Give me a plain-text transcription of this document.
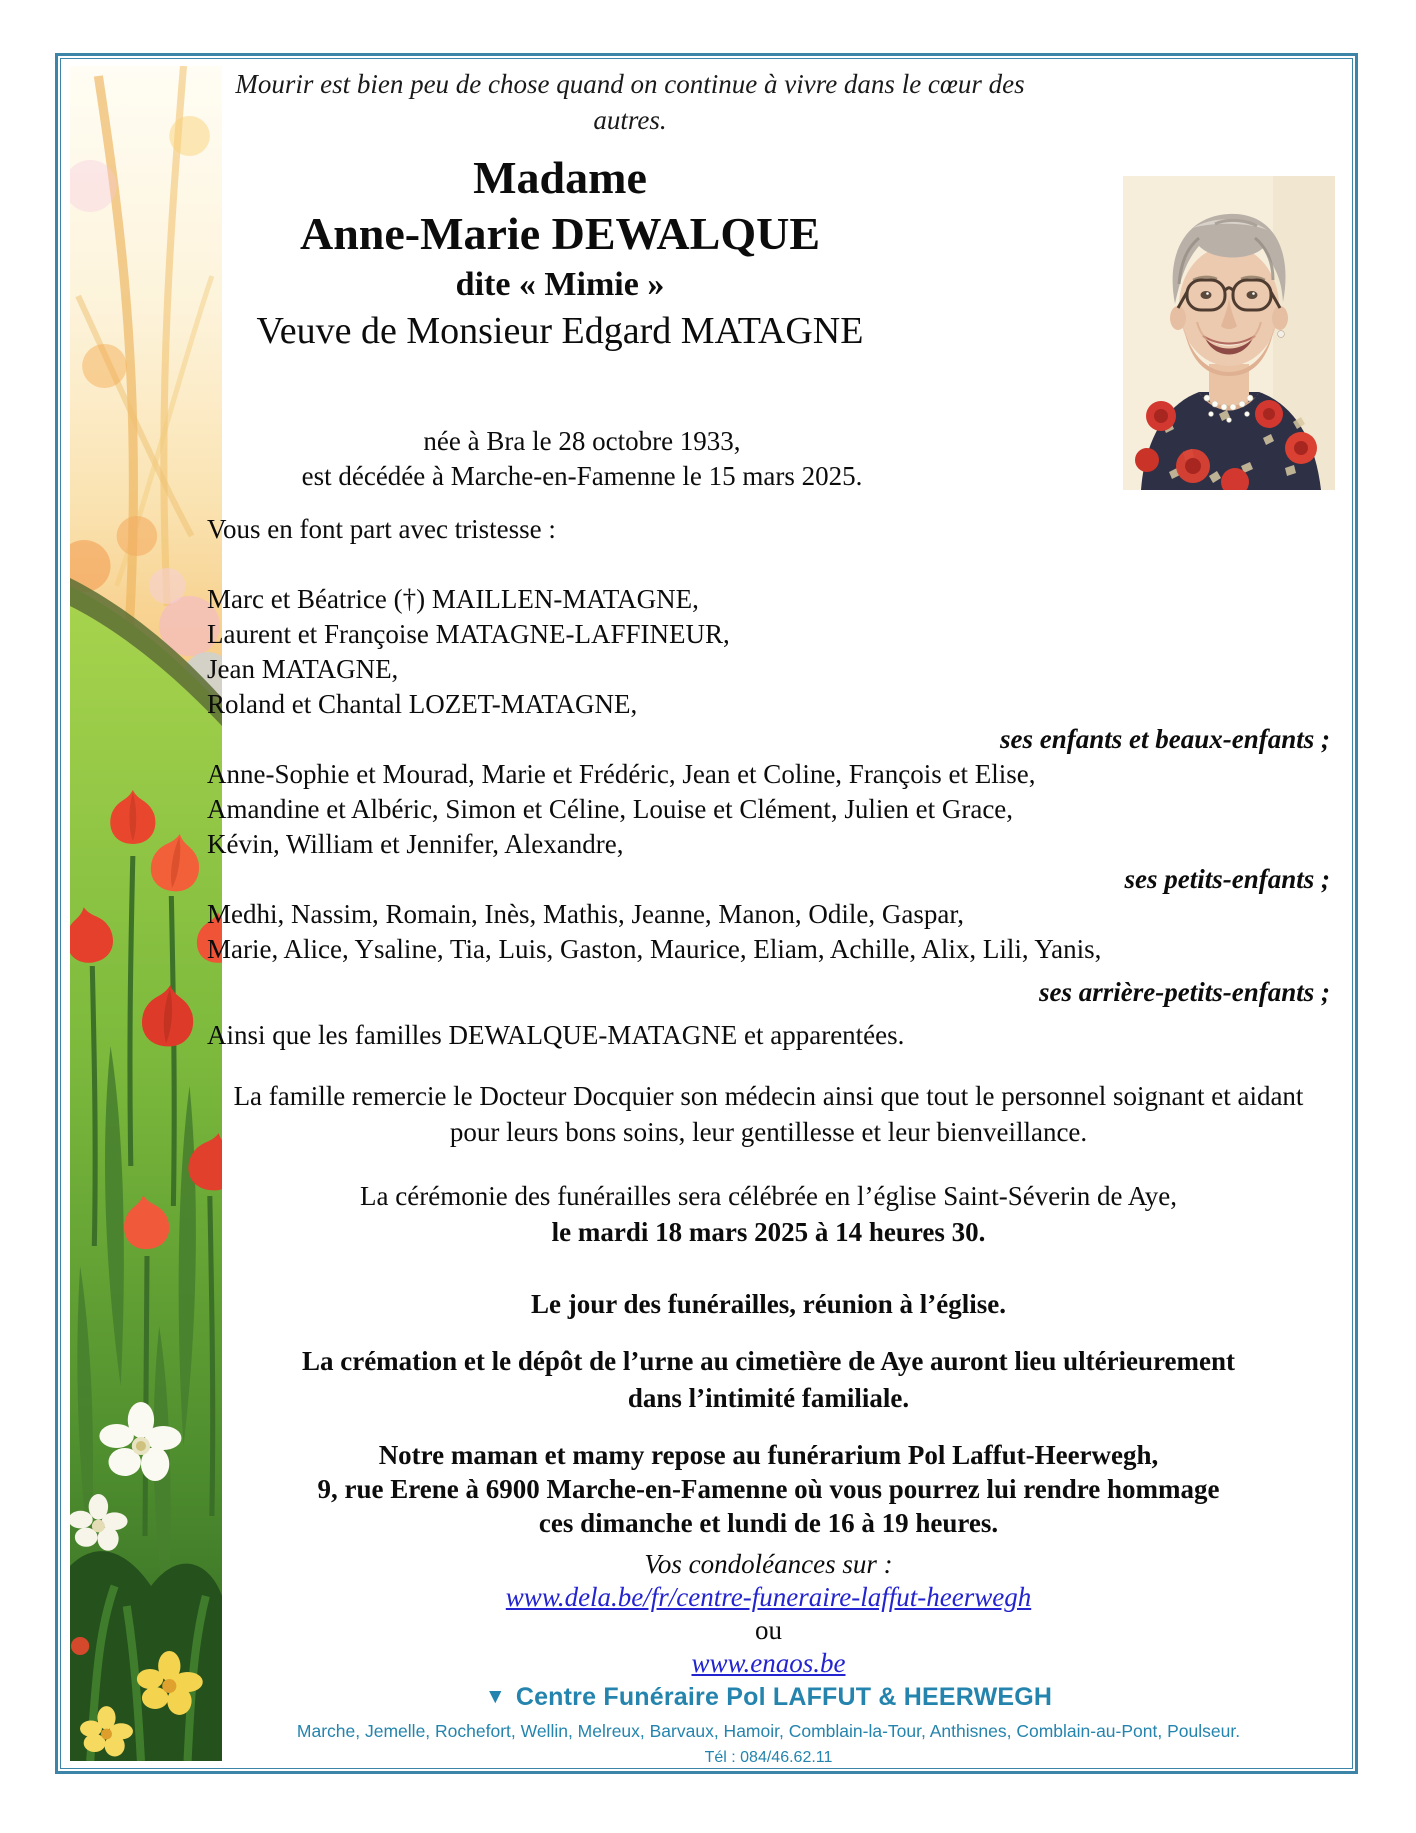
Mourir est bien peu de chose quand on continue à vivre dans le cœur des autres.
Madame
Anne-Marie DEWALQUE
dite « Mimie »
Veuve de Monsieur Edgard MATAGNE
née à Bra le 28 octobre 1933,
est décédée à Marche-en-Famenne le 15 mars 2025.
Vous en font part avec tristesse :
Marc et Béatrice (†) MAILLEN-MATAGNE,
Laurent et Françoise MATAGNE-LAFFINEUR,
Jean MATAGNE,
Roland et Chantal LOZET-MATAGNE,
ses enfants et beaux-enfants ;
Anne-Sophie et Mourad, Marie et Frédéric, Jean et Coline, François et Elise,
Amandine et Albéric, Simon et Céline, Louise et Clément, Julien et Grace,
Kévin, William et Jennifer, Alexandre,
ses petits-enfants ;
Medhi, Nassim, Romain, Inès, Mathis, Jeanne, Manon, Odile, Gaspar,
Marie, Alice, Ysaline, Tia, Luis, Gaston, Maurice, Eliam, Achille, Alix, Lili, Yanis,
ses arrière-petits-enfants ;
Ainsi que les familles DEWALQUE-MATAGNE et apparentées.
La famille remercie le Docteur Docquier son médecin ainsi que tout le personnel soignant et aidant
pour leurs bons soins, leur gentillesse et leur bienveillance.
La cérémonie des funérailles sera célébrée en l’église Saint-Séverin de Aye,
le mardi 18 mars 2025 à 14 heures 30.
Le jour des funérailles, réunion à l’église.
La crémation et le dépôt de l’urne au cimetière de Aye auront lieu ultérieurement
dans l’intimité familiale.
Notre maman et mamy repose au funérarium Pol Laffut-Heerwegh,
9, rue Erene à 6900 Marche-en-Famenne où vous pourrez lui rendre hommage
ces dimanche et lundi de 16 à 19 heures.
Vos condoléances sur :
www.dela.be/fr/centre-funeraire-laffut-heerwegh
ou
www.enaos.be
▼ Centre Funéraire Pol LAFFUT & HEERWEGH
Marche, Jemelle, Rochefort, Wellin, Melreux, Barvaux, Hamoir, Comblain-la-Tour, Anthisnes, Comblain-au-Pont, Poulseur.
Tél : 084/46.62.11
